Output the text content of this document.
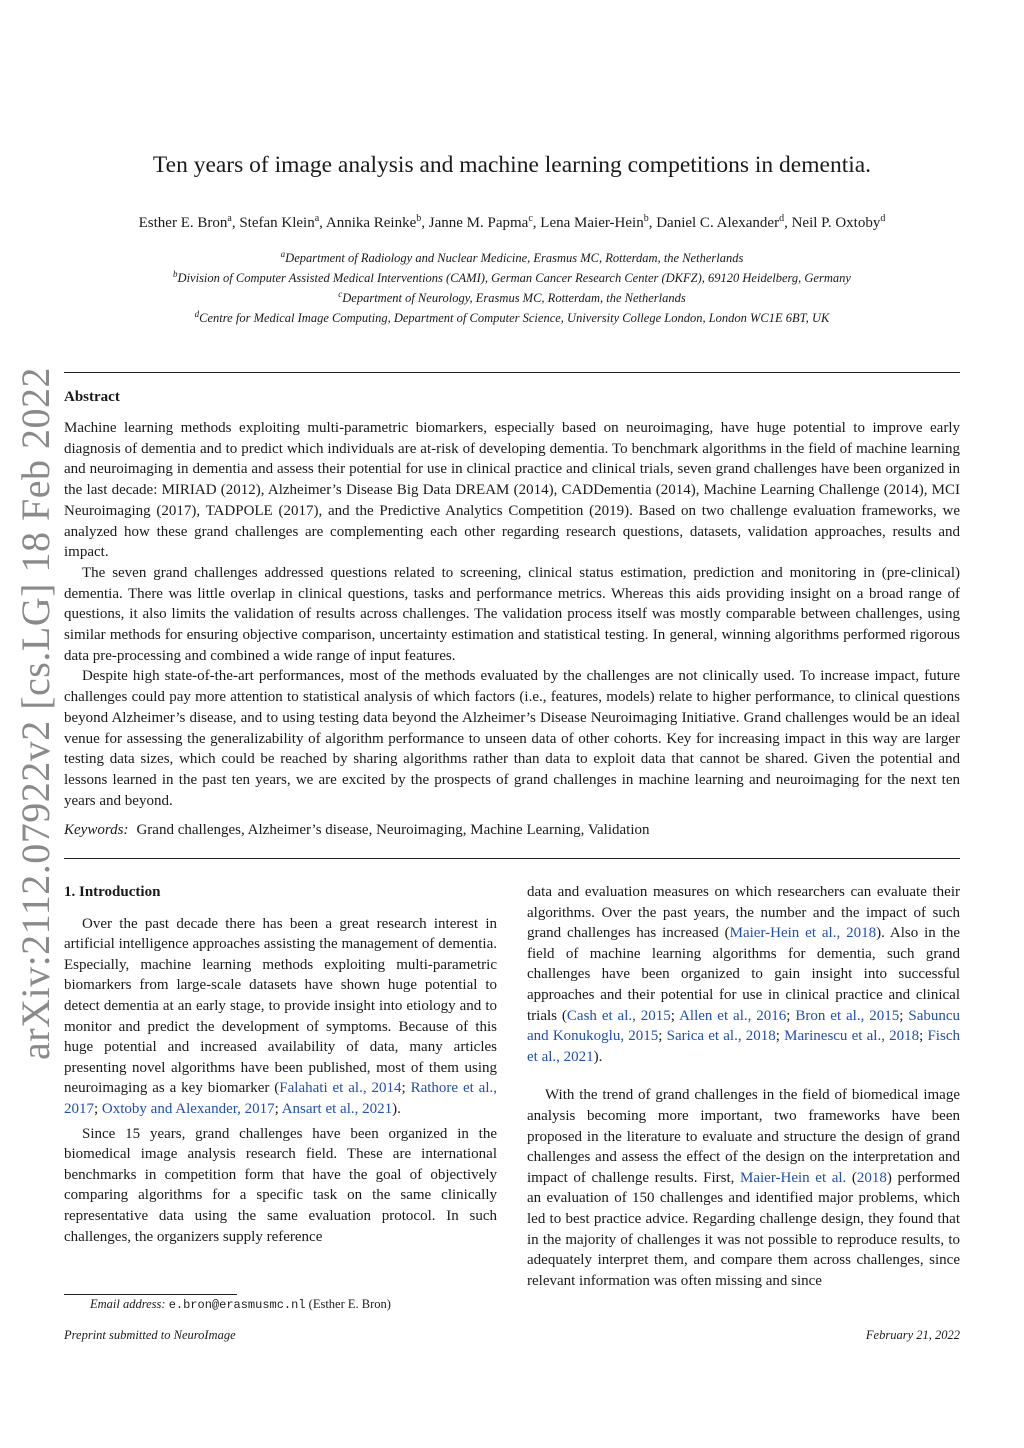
arXiv:2112.07922v2 [cs.LG] 18 Feb 2022
Ten years of image analysis and machine learning competitions in dementia.
Esther E. Bron$^a$, Stefan Klein$^a$, Annika Reinke$^b$, Janne M. Papma$^c$, Lena Maier-Hein$^b$, Daniel C. Alexander$^d$, Neil P. Oxtoby$^d$
$^a$Department of Radiology and Nuclear Medicine, Erasmus MC, Rotterdam, the Netherlands
$^b$Division of Computer Assisted Medical Interventions (CAMI), German Cancer Research Center (DKFZ), 69120 Heidelberg, Germany
$^c$Department of Neurology, Erasmus MC, Rotterdam, the Netherlands
$^d$Centre for Medical Image Computing, Department of Computer Science, University College London, London WC1E 6BT, UK
Abstract

Machine learning methods exploiting multi-parametric biomarkers, especially based on neuroimaging, have huge potential to improve early diagnosis of dementia and to predict which individuals are at-risk of developing dementia. To benchmark algorithms in the field of machine learning and neuroimaging in dementia and assess their potential for use in clinical practice and clinical trials, seven grand challenges have been organized in the last decade: MIRIAD (2012), Alzheimer’s Disease Big Data DREAM (2014), CADDementia (2014), Machine Learning Challenge (2014), MCI Neuroimaging (2017), TADPOLE (2017), and the Predictive Analytics Competition (2019). Based on two challenge evaluation frameworks, we analyzed how these grand challenges are complementing each other regarding research questions, datasets, validation approaches, results and impact.

The seven grand challenges addressed questions related to screening, clinical status estimation, prediction and monitoring in (pre-clinical) dementia. There was little overlap in clinical questions, tasks and performance metrics. Whereas this aids providing insight on a broad range of questions, it also limits the validation of results across challenges. The validation process itself was mostly comparable between challenges, using similar methods for ensuring objective comparison, uncertainty estimation and statistical testing. In general, winning algorithms performed rigorous data pre-processing and combined a wide range of input features.

Despite high state-of-the-art performances, most of the methods evaluated by the challenges are not clinically used. To increase impact, future challenges could pay more attention to statistical analysis of which factors (i.e., features, models) relate to higher performance, to clinical questions beyond Alzheimer’s disease, and to using testing data beyond the Alzheimer’s Disease Neuroimaging Initiative. Grand challenges would be an ideal venue for assessing the generalizability of algorithm performance to unseen data of other cohorts. Key for increasing impact in this way are larger testing data sizes, which could be reached by sharing algorithms rather than data to exploit data that cannot be shared. Given the potential and lessons learned in the past ten years, we are excited by the prospects of grand challenges in machine learning and neuroimaging for the next ten years and beyond.

Keywords: Grand challenges, Alzheimer’s disease, Neuroimaging, Machine Learning, Validation
1. Introduction

Over the past decade there has been a great research interest in artificial intelligence approaches assisting the management of dementia. Especially, machine learning methods exploiting multi-parametric biomarkers from large-scale datasets have shown huge potential to detect dementia at an early stage, to provide insight into etiology and to monitor and predict the development of symptoms. Because of this huge potential and increased availability of data, many articles presenting novel algorithms have been published, most of them using neuroimaging as a key biomarker (Falahati et al., 2014; Rathore et al., 2017; Oxtoby and Alexander, 2017; Ansart et al., 2021).

Since 15 years, grand challenges have been organized in the biomedical image analysis research field. These are international benchmarks in competition form that have the goal of objectively comparing algorithms for a specific task on the same clinically representative data using the same evaluation protocol. In such challenges, the organizers supply reference

data and evaluation measures on which researchers can evaluate their algorithms. Over the past years, the number and the impact of such grand challenges has increased (Maier-Hein et al., 2018). Also in the field of machine learning algorithms for dementia, such grand challenges have been organized to gain insight into successful approaches and their potential for use in clinical practice and clinical trials (Cash et al., 2015; Allen et al., 2016; Bron et al., 2015; Sabuncu and Konukoglu, 2015; Sarica et al., 2018; Marinescu et al., 2018; Fisch et al., 2021).

With the trend of grand challenges in the field of biomedical image analysis becoming more important, two frameworks have been proposed in the literature to evaluate and structure the design of grand challenges and assess the effect of the design on the interpretation and impact of challenge results. First, Maier-Hein et al. (2018) performed an evaluation of 150 challenges and identified major problems, which led to best practice advice. Regarding challenge design, they found that in the majority of challenges it was not possible to reproduce results, to adequately interpret them, and compare them across challenges, since relevant information was often missing and since

Email address: e.bron@erasmusmc.nl (Esther E. Bron)
Preprint submitted to NeuroImage	February 21, 2022
